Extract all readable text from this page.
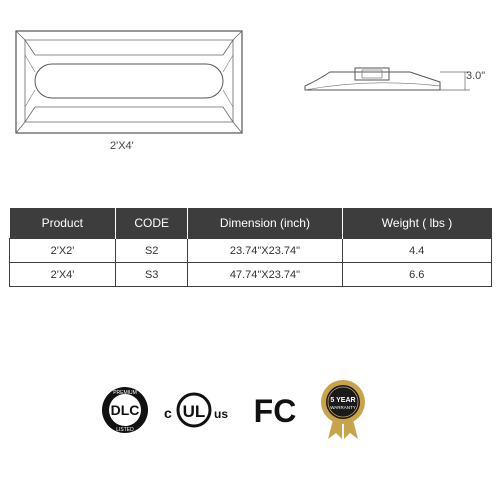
2'X4'
3.0"
Product	CODE	Dimension (inch)	Weight ( lbs )
2'X2'	S2	23.74"X23.74"	4.4
2'X4'	S3	47.74"X23.74"	6.6
DLC
PREMIUM
LISTED
c UL us FC	5 YEAR
WARRANTY
